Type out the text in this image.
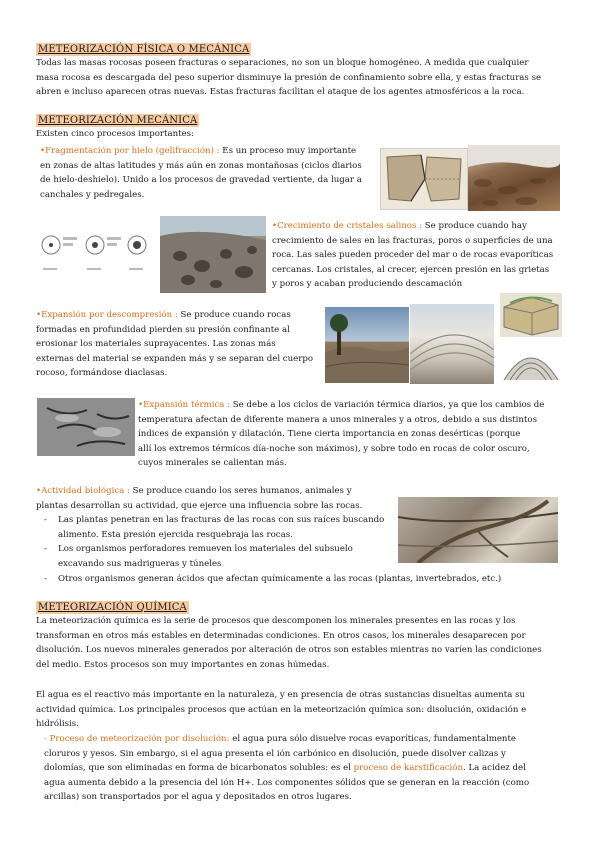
METEORIZACIÓN FÍSICA O MECÁNICA
Todas las masas rocosas poseen fracturas o separaciones, no son un bloque homogéneo. A medida que cualquier
masa rocosa es descargada del peso superior disminuye la presión de confinamiento sobre ella, y estas fracturas se
abren e incluso aparecen otras nuevas. Estas fracturas facilitan el ataque de los agentes atmosféricos a la roca.
METEORIZACIÓN MECÁNICA
Existen cinco procesos importantes:
•Fragmentación por hielo (gelifracción) : Es un proceso muy importante
en zonas de altas latitudes y más aún en zonas montañosas (ciclos diarios
de hielo-deshielo). Unido a los procesos de gravedad vertiente, da lugar a
canchales y pedregales.
•Crecimiento de cristales salinos : Se produce cuando hay
crecimiento de sales en las fracturas, poros o superficies de una
roca. Las sales pueden proceder del mar o de rocas evaporíticas
cercanas. Los cristales, al crecer, ejercen presión en las grietas
y poros y acaban produciendo descamación
•Expansión por descompresión : Se produce cuando rocas
formadas en profundidad pierden su presión confinante al
erosionar los materiales suprayacentes. Las zonas más
externas del material se expanden más y se separan del cuerpo
rocoso, formándose diaclasas.
•Expansión térmica : Se debe a los ciclos de variación térmica diarios, ya que los cambios de
temperatura afectan de diferente manera a unos minerales y a otros, debido a sus distintos
índices de expansión y dilatación. Tiene cierta importancia en zonas desérticas (porque
allí los extremos térmicos día-noche son máximos), y sobre todo en rocas de color oscuro,
cuyos minerales se calientan más.
•Actividad biológica : Se produce cuando los seres humanos, animales y
plantas desarrollan su actividad, que ejerce una influencia sobre las rocas.
- Las plantas penetran en las fracturas de las rocas con sus raíces buscando
alimento. Esta presión ejercida resquebraja las rocas.
- Los organismos perforadores remueven los materiales del subsuelo
excavando sus madrigueras y túneles
- Otros organismos generan ácidos que afectan químicamente a las rocas (plantas, invertebrados, etc.)
METEORIZACIÓN QUÍMICA
La meteorización química es la serie de procesos que descomponen los minerales presentes en las rocas y los
transforman en otros más estables en determinadas condiciones. En otros casos, los minerales desaparecen por
disolución. Los nuevos minerales generados por alteración de otros son estables mientras no varíen las condiciones
del medio. Estos procesos son muy importantes en zonas húmedas.
El agua es el reactivo más importante en la naturaleza, y en presencia de otras sustancias disueltas aumenta su
actividad química. Los principales procesos que actúan en la meteorización química son: disolución, oxidación e
hidrólisis.
- Proceso de meteorización por disolución: el agua pura sólo disuelve rocas evaporíticas, fundamentalmente
cloruros y yesos. Sin embargo, si el agua presenta el ión carbónico en disolución, puede disolver calizas y
dolomías, que son eliminadas en forma de bicarbonatos solubles: es el proceso de karstificación. La acidez del
agua aumenta debido a la presencia del ión H+. Los componentes sólidos que se generan en la reacción (como
arcillas) son transportados por el agua y depositados en otros lugares.
